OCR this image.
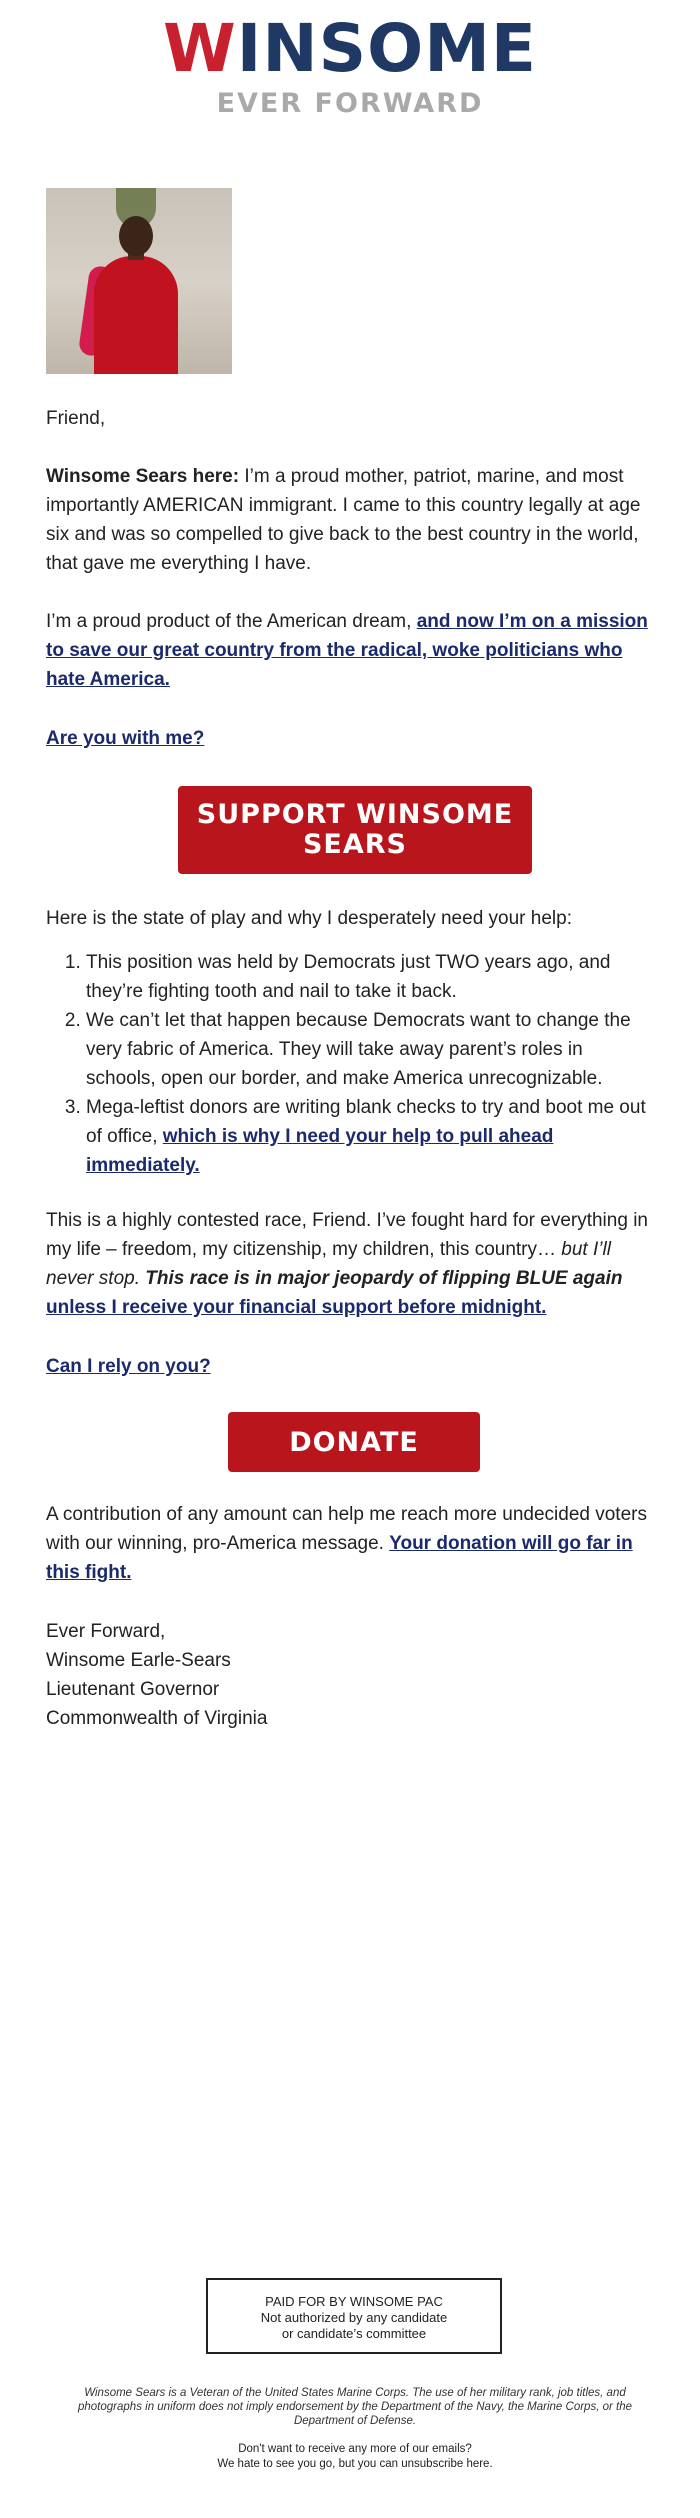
WINSOME
EVER FORWARD

Friend,

Winsome Sears here: I’m a proud mother, patriot, marine, and most importantly AMERICAN immigrant. I came to this country legally at age six and was so compelled to give back to the best country in the world, that gave me everything I have.

I’m a proud product of the American dream, and now I’m on a mission to save our great country from the radical, woke politicians who hate America.

Are you with me?

SUPPORT WINSOME
SEARS

Here is the state of play and why I desperately need your help:

1. This position was held by Democrats just TWO years ago, and they’re fighting tooth and nail to take it back.
2. We can’t let that happen because Democrats want to change the very fabric of America. They will take away parent’s roles in schools, open our border, and make America unrecognizable.
3. Mega-leftist donors are writing blank checks to try and boot me out of office, which is why I need your help to pull ahead immediately.

This is a highly contested race, Friend. I’ve fought hard for everything in my life – freedom, my citizenship, my children, this country… but I’ll never stop. This race is in major jeopardy of flipping BLUE again unless I receive your financial support before midnight.

Can I rely on you?

DONATE

A contribution of any amount can help me reach more undecided voters with our winning, pro-America message. Your donation will go far in this fight.

Ever Forward,

Winsome Earle-Sears

Lieutenant Governor

Commonwealth of Virginia

PAID FOR BY WINSOME PAC
Not authorized by any candidate
or candidate’s committee
Winsome Sears is a Veteran of the United States Marine Corps. The use of her military rank, job titles, and photographs in uniform does not imply endorsement by the Department of the Navy, the Marine Corps, or the Department of Defense.
Don't want to receive any more of our emails?
We hate to see you go, but you can unsubscribe here.
